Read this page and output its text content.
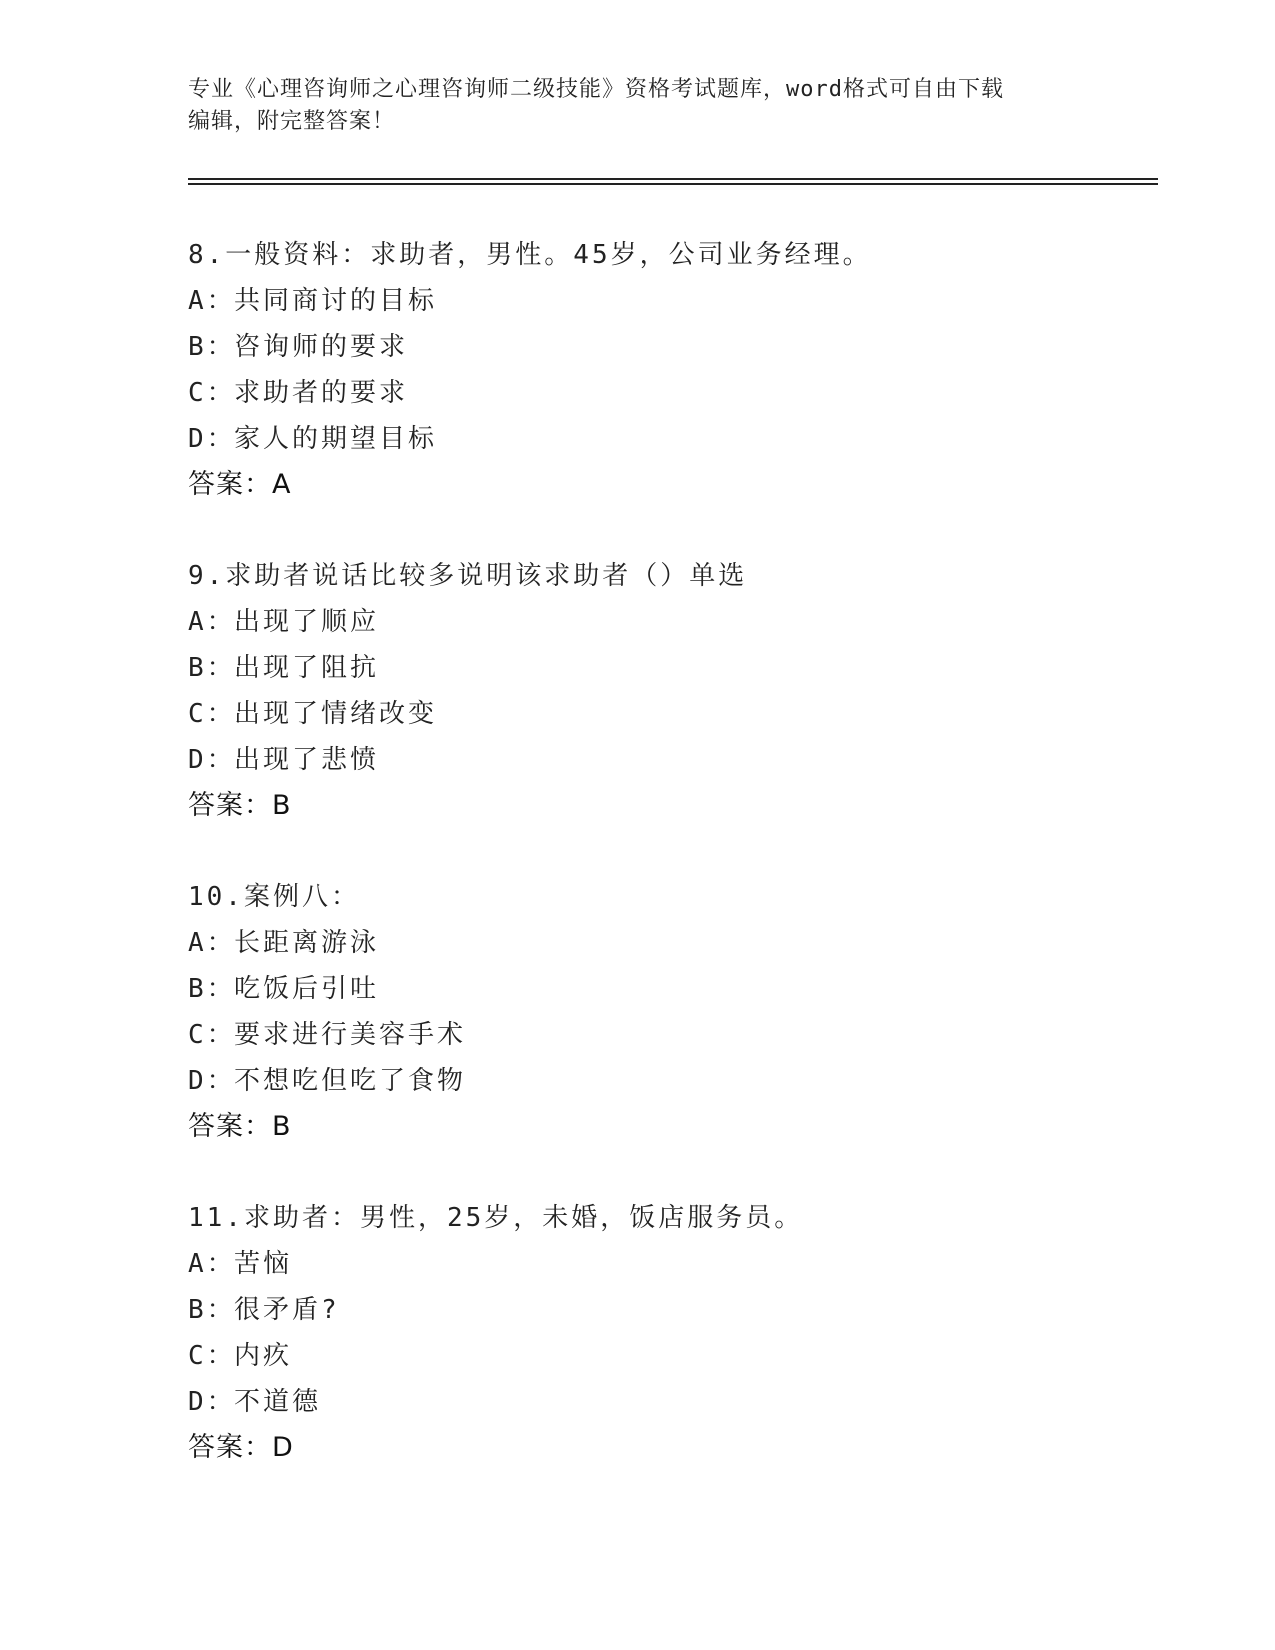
专业《心理咨询师之心理咨询师二级技能》资格考试题库，word格式可自由下载
编辑，附完整答案！
8.一般资料：求助者，男性。45岁，公司业务经理。
A：共同商讨的目标
B：咨询师的要求
C：求助者的要求
D：家人的期望目标
答案：A
9.求助者说话比较多说明该求助者（）单选
A：出现了顺应
B：出现了阻抗
C：出现了情绪改变
D：出现了悲愤
答案：B
10.案例八：
A：长距离游泳
B：吃饭后引吐
C：要求进行美容手术
D：不想吃但吃了食物
答案：B
11.求助者：男性，25岁，未婚，饭店服务员。
A：苦恼
B：很矛盾?
C：内疚
D：不道德
答案：D
